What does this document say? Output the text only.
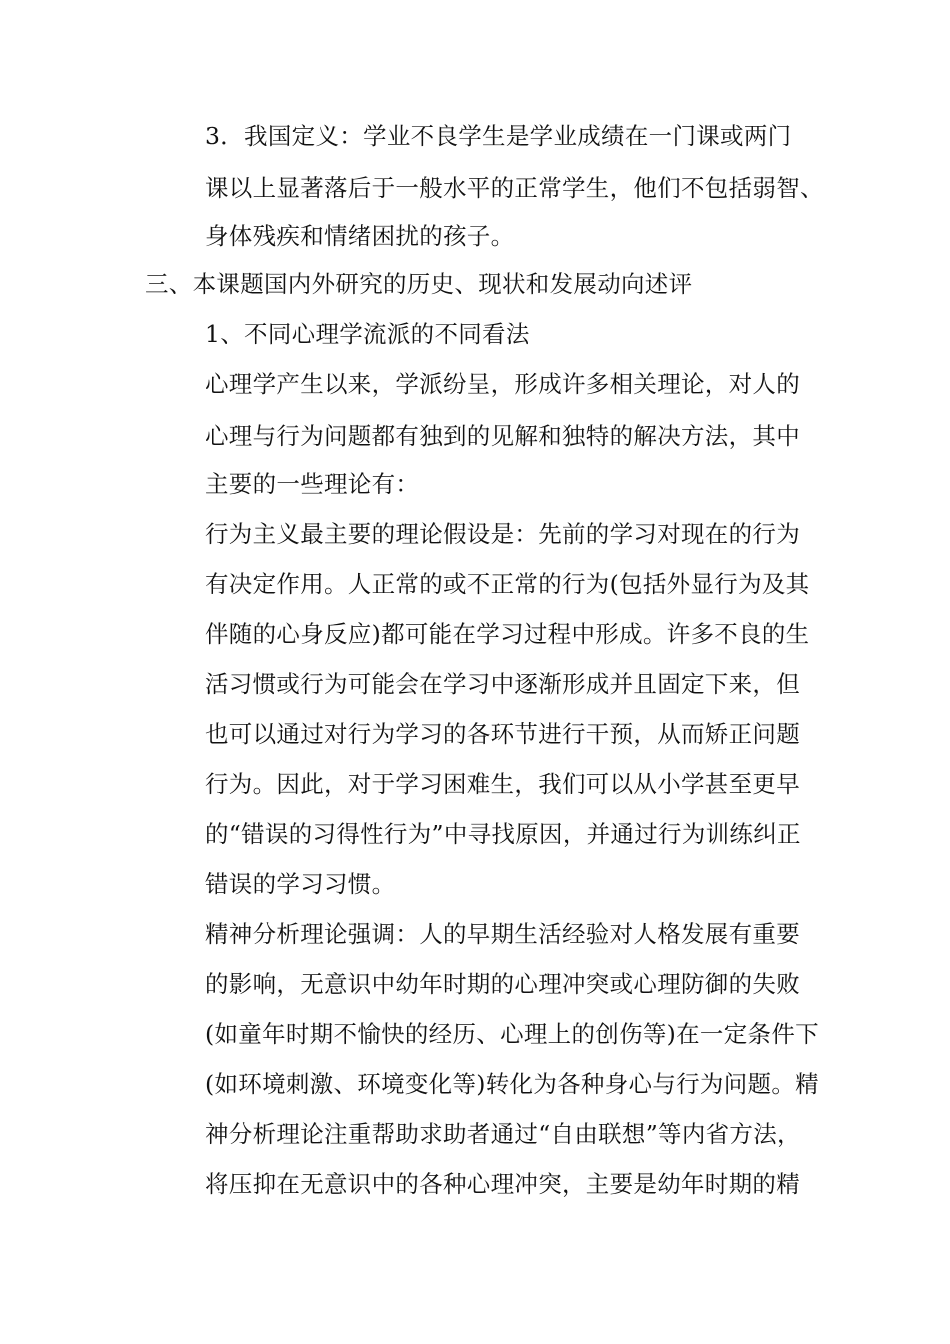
3．我国定义：学业不良学生是学业成绩在一门课或两门
课以上显著落后于一般水平的正常学生，他们不包括弱智、
身体残疾和情绪困扰的孩子。
三、本课题国内外研究的历史、现状和发展动向述评
1、不同心理学流派的不同看法
心理学产生以来，学派纷呈，形成许多相关理论，对人的
心理与行为问题都有独到的见解和独特的解决方法，其中
主要的一些理论有：
行为主义最主要的理论假设是：先前的学习对现在的行为
有决定作用。人正常的或不正常的行为(包括外显行为及其
伴随的心身反应)都可能在学习过程中形成。许多不良的生
活习惯或行为可能会在学习中逐渐形成并且固定下来，但
也可以通过对行为学习的各环节进行干预，从而矫正问题
行为。因此，对于学习困难生，我们可以从小学甚至更早
的“错误的习得性行为”中寻找原因，并通过行为训练纠正
错误的学习习惯。
精神分析理论强调：人的早期生活经验对人格发展有重要
的影响，无意识中幼年时期的心理冲突或心理防御的失败
(如童年时期不愉快的经历、心理上的创伤等)在一定条件下
(如环境刺激、环境变化等)转化为各种身心与行为问题。精
神分析理论注重帮助求助者通过“自由联想”等内省方法，
将压抑在无意识中的各种心理冲突，主要是幼年时期的精
